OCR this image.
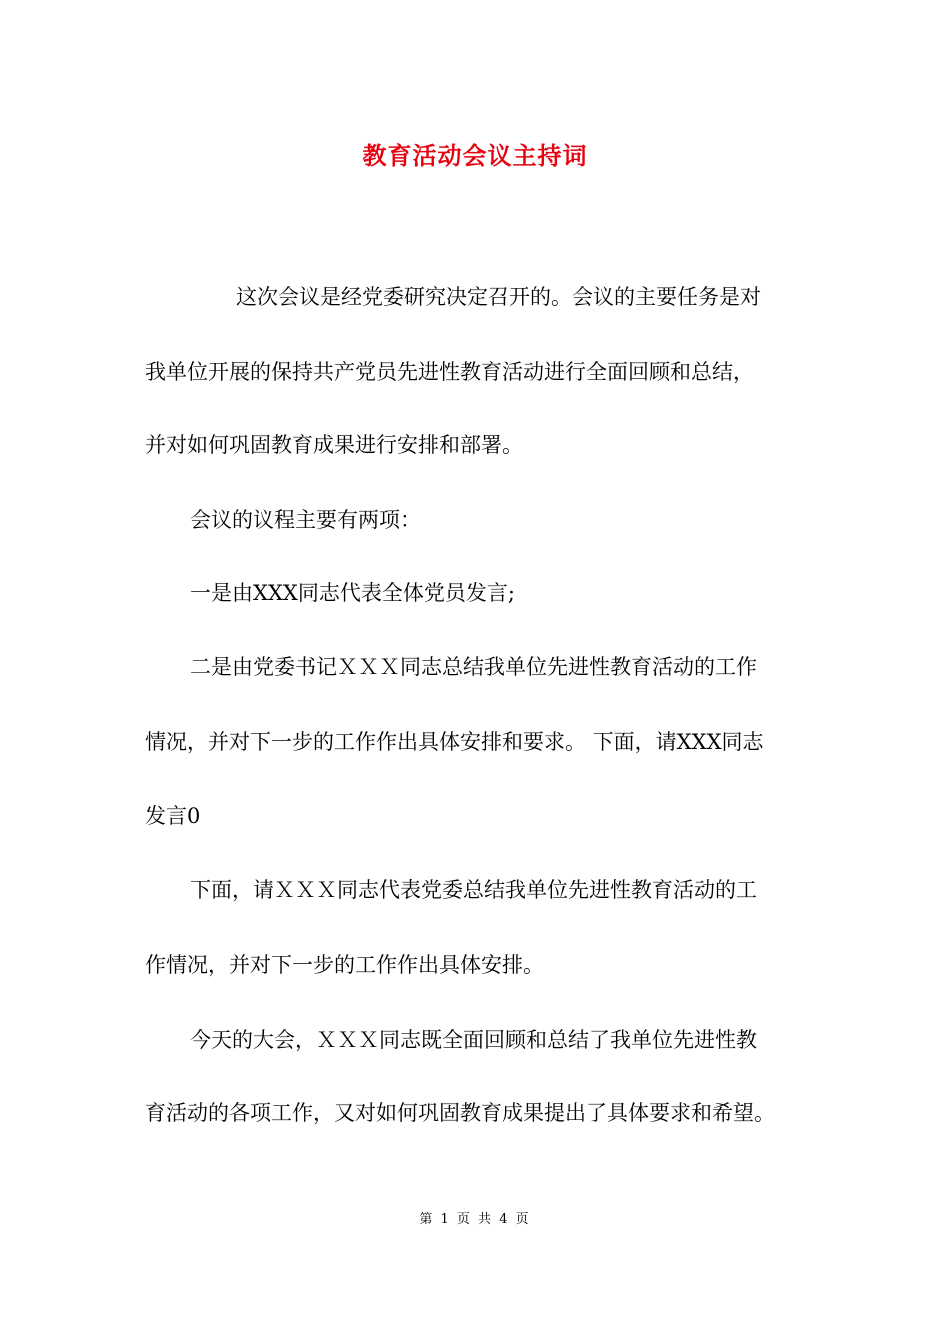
教育活动会议主持词
这次会议是经党委研究决定召开的。会议的主要任务是对
我单位开展的保持共产党员先进性教育活动进行全面回顾和总结，
并对如何巩固教育成果进行安排和部署。
会议的议程主要有两项：
一是由XXX同志代表全体党员发言;
二是由党委书记ＸＸＸ同志总结我单位先进性教育活动的工作
情况，并对下一步的工作作出具体安排和要求。 下面，请XXX同志
发言0
下面，请ＸＸＸ同志代表党委总结我单位先进性教育活动的工
作情况，并对下一步的工作作出具体安排。
今天的大会，ＸＸＸ同志既全面回顾和总结了我单位先进性教
育活动的各项工作，又对如何巩固教育成果提出了具体要求和希望。
第 1 页 共 4 页
